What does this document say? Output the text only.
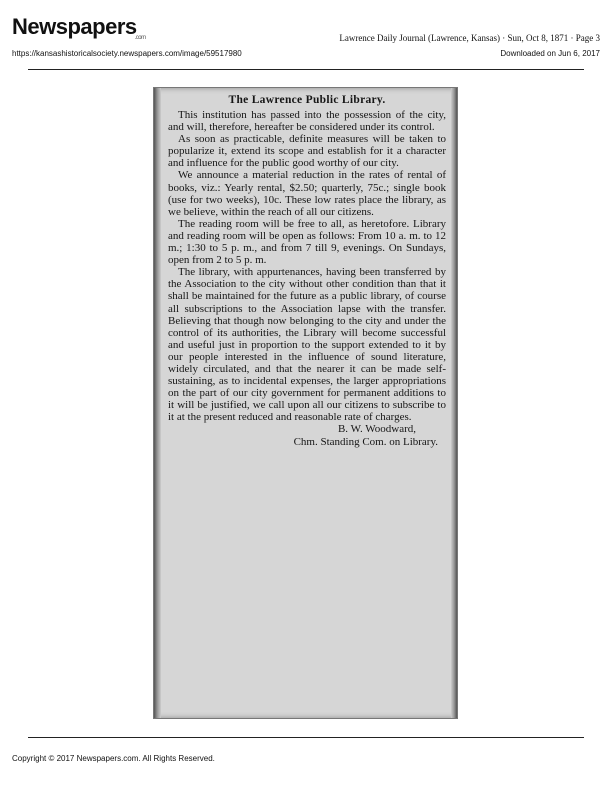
Newspapers$_{.com}$	Lawrence Daily Journal (Lawrence, Kansas) · Sun, Oct 8, 1871 · Page 3
https://kansashistoricalsociety.newspapers.com/image/59517980	Downloaded on Jun 6, 2017

The Lawrence Public Library.

This institution has passed into the possession of the city, and will, therefore, hereafter be considered under its control.

As soon as practicable, definite measures will be taken to popularize it, extend its scope and establish for it a character and influence for the public good worthy of our city.

We announce a material reduction in the rates of rental of books, viz.: Yearly rental, $2.50; quarterly, 75c.; single book (use for two weeks), 10c. These low rates place the library, as we believe, within the reach of all our citizens.

The reading room will be free to all, as heretofore. Library and reading room will be open as follows: From 10 a. m. to 12 m.; 1:30 to 5 p. m., and from 7 till 9, evenings. On Sundays, open from 2 to 5 p. m.

The library, with appurtenances, having been transferred by the Association to the city without other condition than that it shall be maintained for the future as a public library, of course all subscriptions to the Association lapse with the transfer. Believing that though now belonging to the city and under the control of its authorities, the Library will become successful and useful just in proportion to the support extended to it by our people interested in the influence of sound literature, widely circulated, and that the nearer it can be made self-sustaining, as to incidental expenses, the larger appropriations on the part of our city government for permanent additions to it will be justified, we call upon all our citizens to subscribe to it at the present reduced and reasonable rate of charges.

B. W. Woodward,

Chm. Standing Com. on Library.

Copyright © 2017 Newspapers.com. All Rights Reserved.
